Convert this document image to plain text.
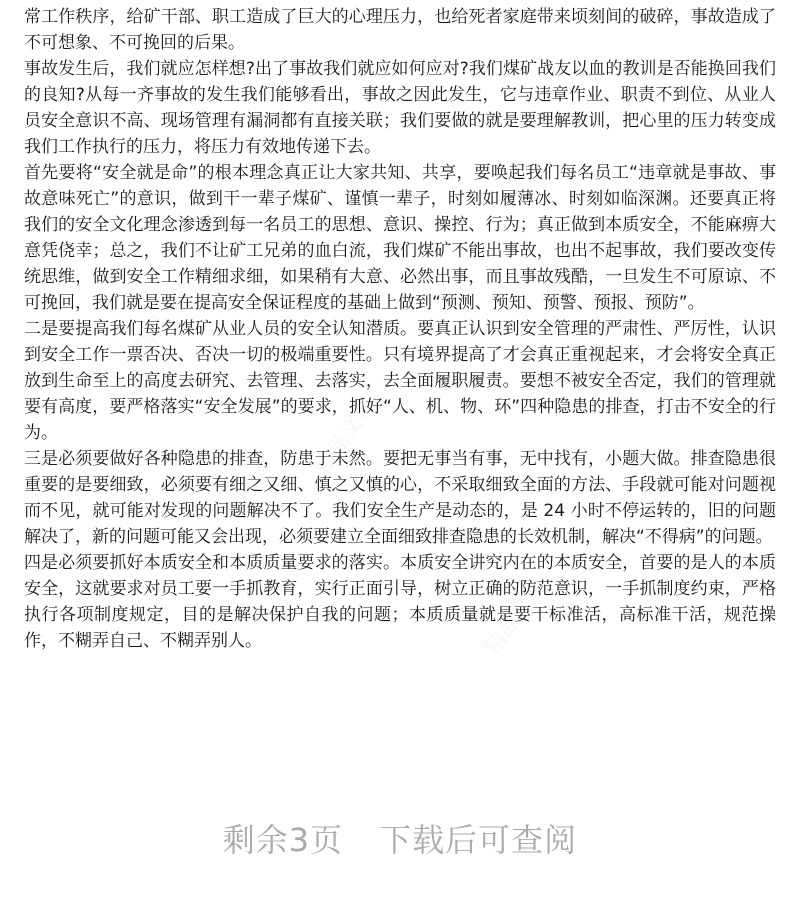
常工作秩序，给矿干部、职工造成了巨大的心理压力，也给死者家庭带来顷刻间的破碎，事故造成了不可想象、不可挽回的后果。

事故发生后，我们就应怎样想?出了事故我们就应如何应对?我们煤矿战友以血的教训是否能换回我们的良知?从每一齐事故的发生我们能够看出，事故之因此发生，它与违章作业、职责不到位、从业人员安全意识不高、现场管理有漏洞都有直接关联；我们要做的就是要理解教训，把心里的压力转变成我们工作执行的压力，将压力有效地传递下去。

首先要将“安全就是命”的根本理念真正让大家共知、共享，要唤起我们每名员工“违章就是事故、事故意味死亡”的意识，做到干一辈子煤矿、谨慎一辈子，时刻如履薄冰、时刻如临深渊。还要真正将我们的安全文化理念渗透到每一名员工的思想、意识、操控、行为；真正做到本质安全，不能麻痹大意凭侥幸；总之，我们不让矿工兄弟的血白流，我们煤矿不能出事故，也出不起事故，我们要改变传统思维，做到安全工作精细求细，如果稍有大意、必然出事，而且事故残酷，一旦发生不可原谅、不可挽回，我们就是要在提高安全保证程度的基础上做到“预测、预知、预警、预报、预防”。

二是要提高我们每名煤矿从业人员的安全认知潜质。要真正认识到安全管理的严肃性、严厉性，认识到安全工作一票否决、否决一切的极端重要性。只有境界提高了才会真正重视起来，才会将安全真正放到生命至上的高度去研究、去管理、去落实，去全面履职履责。要想不被安全否定，我们的管理就要有高度，要严格落实“安全发展”的要求，抓好“人、机、物、环”四种隐患的排查，打击不安全的行为。

三是必须要做好各种隐患的排查，防患于未然。要把无事当有事，无中找有，小题大做。排查隐患很重要的是要细致，必须要有细之又细、慎之又慎的心，不采取细致全面的方法、手段就可能对问题视而不见，就可能对发现的问题解决不了。我们安全生产是动态的，是 24 小时不停运转的，旧的问题解决了，新的问题可能又会出现，必须要建立全面细致排查隐患的长效机制，解决“不得病”的问题。

四是必须要抓好本质安全和本质质量要求的落实。本质安全讲究内在的本质安全，首要的是人的本质安全，这就要求对员工要一手抓教育，实行正面引导，树立正确的防范意识，一手抓制度约束，严格执行各项制度规定，目的是解决保护自我的问题；本质质量就是要干标准活，高标准干活，规范操作，不糊弄自己、不糊弄别人。

剩余3页 下载后可查阅
